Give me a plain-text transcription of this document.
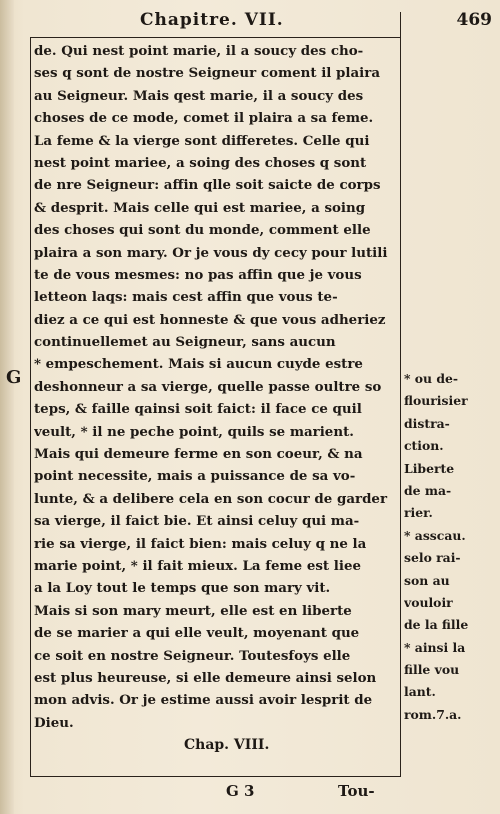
Chapitre. VII.	469
G
de. Qui nest point marie, il a soucy des cho-
ses q sont de nostre Seigneur coment il plaira
au Seigneur. Mais qest marie, il a soucy des
choses de ce mode, comet il plaira a sa feme.
La feme & la vierge sont differetes. Celle qui
nest point mariee, a soing des choses q sont
de nre Seigneur: affin qlle soit saicte de corps
& desprit. Mais celle qui est mariee, a soing
des choses qui sont du monde, comment elle
plaira a son mary. Or je vous dy cecy pour lutili
te de vous mesmes: no pas affin que je vous
letteon laqs: mais cest affin que vous te-
diez a ce qui est honneste & que vous adheriez
continuellemet au Seigneur, sans aucun
* empeschement. Mais si aucun cuyde estre
deshonneur a sa vierge, quelle passe oultre so
teps, & faille qainsi soit faict: il face ce quil
veult, * il ne peche point, quils se marient.
Mais qui demeure ferme en son coeur, & na
point necessite, mais a puissance de sa vo-
lunte, & a delibere cela en son cocur de garder
sa vierge, il faict bie. Et ainsi celuy qui ma-
rie sa vierge, il faict bien: mais celuy q ne la
marie point, * il fait mieux. La feme est liee
a la Loy tout le temps que son mary vit.
Mais si son mary meurt, elle est en liberte
de se marier a qui elle veult, moyenant que
ce soit en nostre Seigneur. Toutesfoys elle
est plus heureuse, si elle demeure ainsi selon
mon advis. Or je estime aussi avoir lesprit de
Dieu.
Chap. VIII.
* ou de-
flourisier
distra-
ction.
Liberte
de ma-
rier.
* asscau.
selo rai-
son au
vouloir
de la fille
* ainsi la
fille vou
lant.
rom.7.a.
G 3	Tou-
